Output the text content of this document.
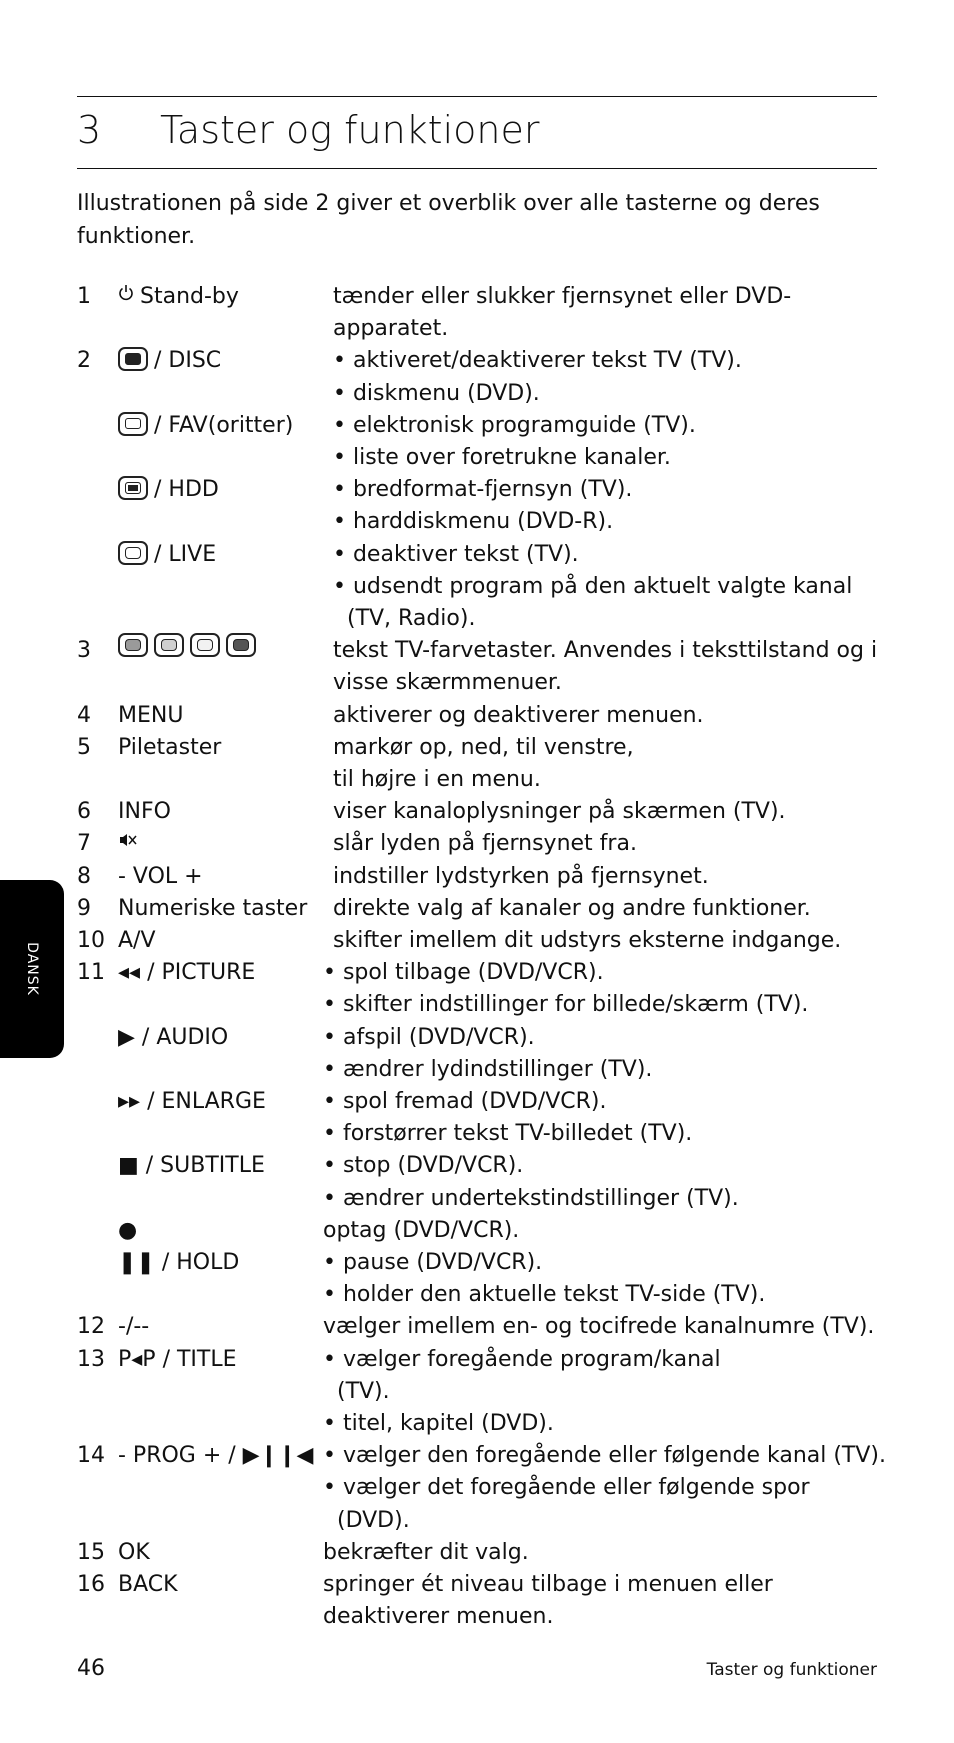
3 Taster og funktioner
Illustrationen på side 2 giver et overblik over alle tasterne og deres funktioner.
1	Stand-by	tænder eller slukker fjernsynet eller DVD-
apparatet.
2	/ DISC	• aktiveret/deaktiverer tekst TV (TV).
• diskmenu (DVD).
/ FAV(oritter) • elektronisk programguide (TV).
• liste over foretrukne kanaler.
/ HDD	• bredformat-fjernsyn (TV).
• harddiskmenu (DVD-R).
/ LIVE	• deaktiver tekst (TV).
• udsendt program på den aktuelt valgte kanal
(TV, Radio).
3	tekst TV-farvetaster. Anvendes i teksttilstand og i
visse skærmmenuer.
4 MENU	aktiverer og deaktiverer menuen.
5 Piletaster	markør op, ned, til venstre,
til højre i en menu.
6 INFO	viser kanaloplysninger på skærmen (TV).
7	slår lyden på fjernsynet fra.
8 - VOL +	indstiller lydstyrken på fjernsynet.
9 Numeriske taster direkte valg af kanaler og andre funktioner.
10 A/V	skifter imellem dit udstyrs eksterne indgange.
11 ◂◂ / PICTURE	• spol tilbage (DVD/VCR).
• skifter indstillinger for billede/skærm (TV).
▶ / AUDIO	• afspil (DVD/VCR).
• ændrer lydindstillinger (TV).
▸▸ / ENLARGE	• spol fremad (DVD/VCR).
• forstørrer tekst TV-billedet (TV).
■ / SUBTITLE	• stop (DVD/VCR).
• ændrer undertekstindstillinger (TV).
●	optag (DVD/VCR).
❚❚ / HOLD	• pause (DVD/VCR).
• holder den aktuelle tekst TV-side (TV).
12 -/--	vælger imellem en- og tocifrede kanalnumre (TV).
13 P◂P / TITLE	• vælger foregående program/kanal
(TV).
• titel, kapitel (DVD).
14 - PROG + / ▶❙❙◀ • vælger den foregående eller følgende kanal (TV).
• vælger det foregående eller følgende spor
(DVD).
15 OK	bekræfter dit valg.
16 BACK	springer ét niveau tilbage i menuen eller
deaktiverer menuen.
DANSK
46	Taster og funktioner
